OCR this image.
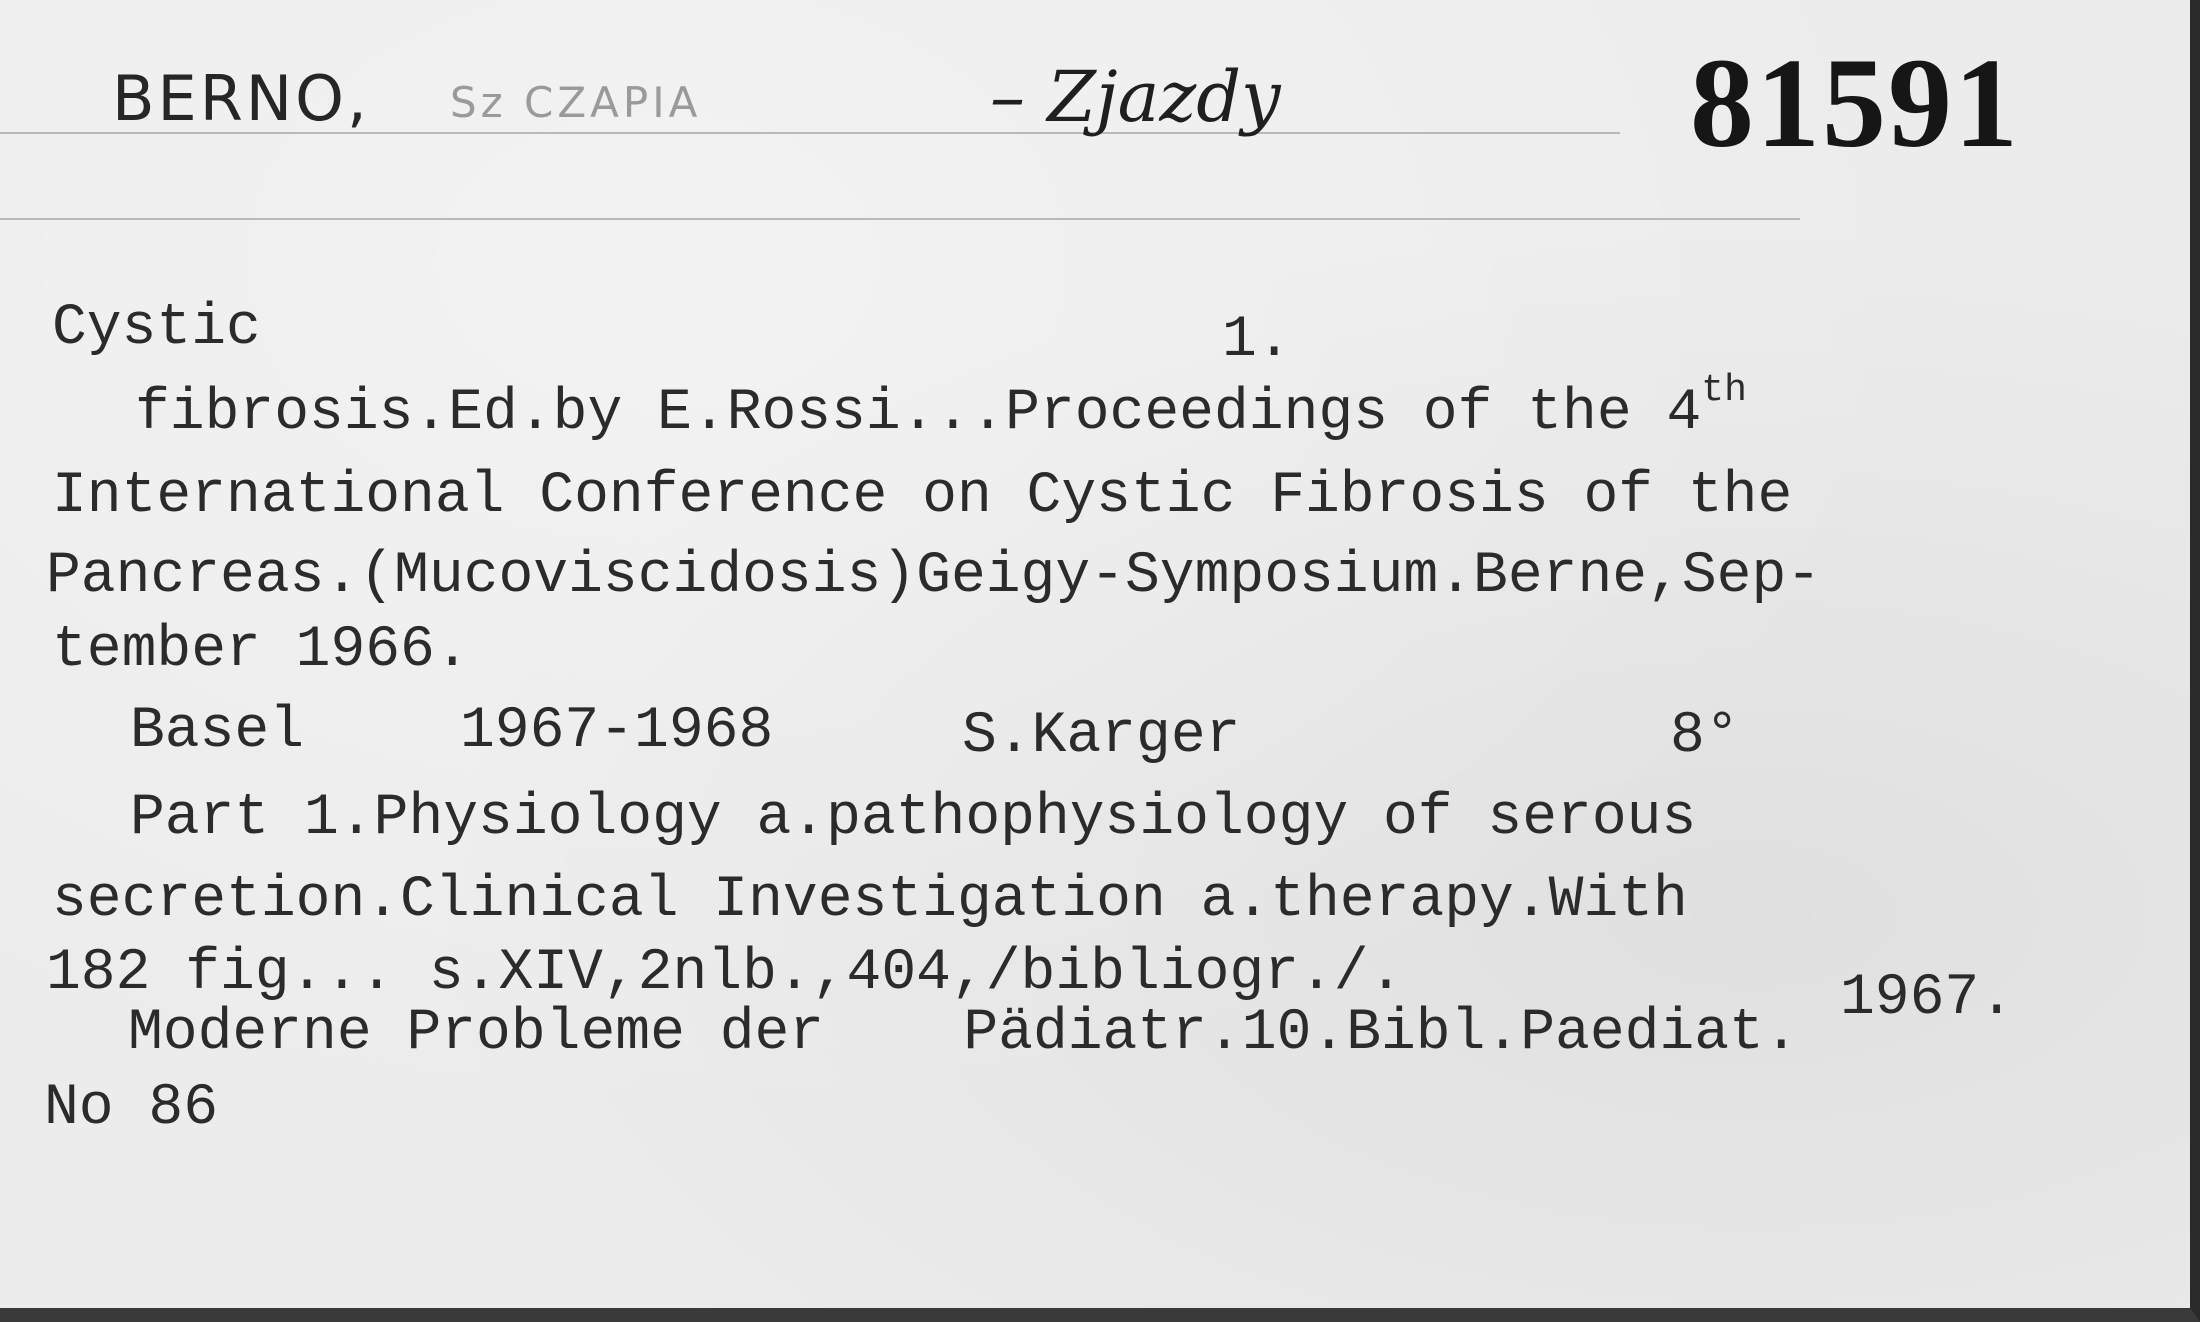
BERNO, Sz CZAPIA	– Zjazdy	81591
Cystic	1.
fibrosis.Ed.by E.Rossi...Proceedings of the 4th
International Conference on Cystic Fibrosis of the
Pancreas.(Mucoviscidosis)Geigy-Symposium.Berne,Sep-
tember 1966.
Basel	1967-1968	S.Karger	8°
Part 1.Physiology a.pathophysiology of serous
secretion.Clinical Investigation a.therapy.With
182 fig... s.XIV,2nlb.,404,/bibliogr./.	1967.
Moderne Probleme der    Pädiatr.10.Bibl.Paediat.
No 86
